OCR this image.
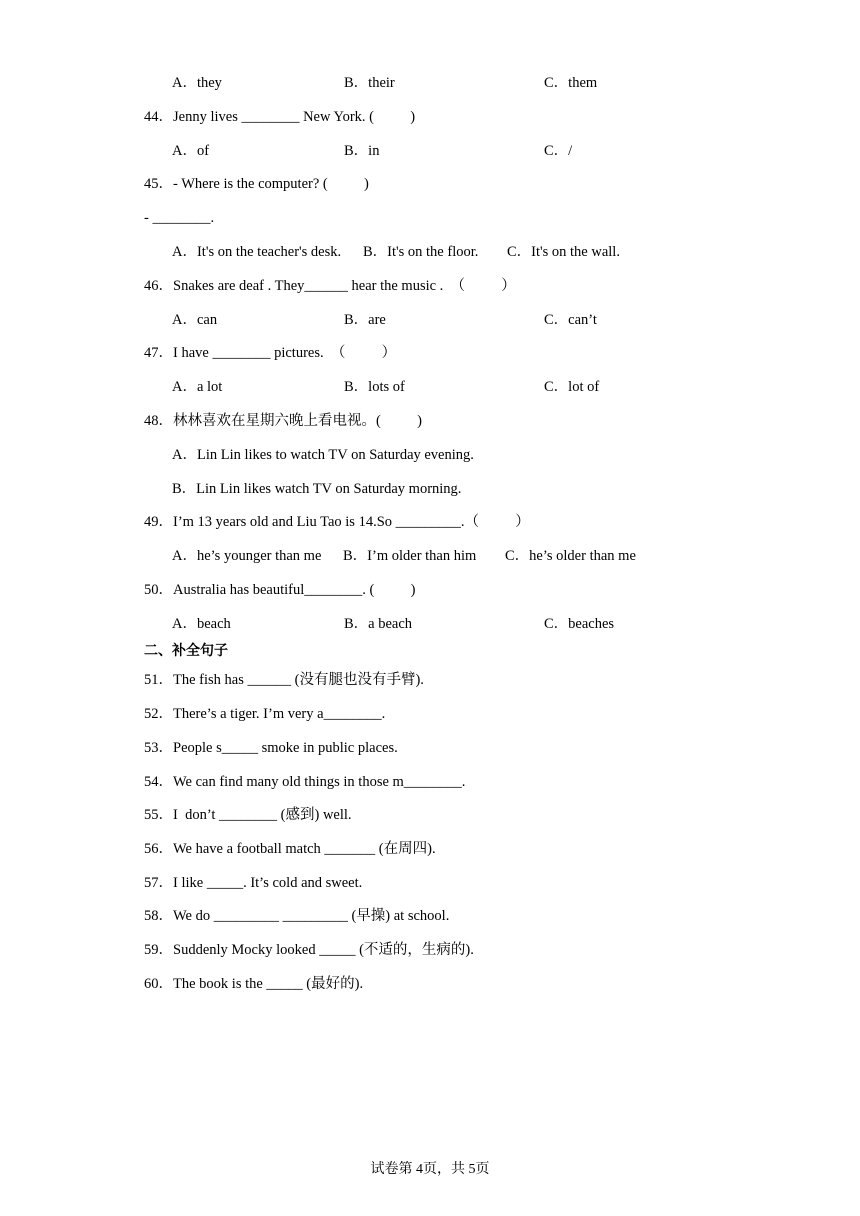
A．they	B．their	C．them
44．Jenny lives ________ New York. (          )
A．of	B．in	C．/
45．- Where is the computer? (          )
- ________.
A．It's on the teacher's desk. B．It's on the floor. C．It's on the wall.
46．Snakes are deaf . They______ hear the music .  （          ）
A．can	B．are	C．can’t
47．I have ________ pictures.  （          ）
A．a lot	B．lots of	C．lot of
48．林林喜欢在星期六晚上看电视。(          )
A．Lin Lin likes to watch TV on Saturday evening.
B．Lin Lin likes watch TV on Saturday morning.
49．I’m 13 years old and Liu Tao is 14.So _________.（          ）
A．he’s younger than me B．I’m older than him C．he’s older than me
50．Australia has beautiful________. (          )
A．beach	B．a beach	C．beaches
二、补全句子
51．The fish has ______ (没有腿也没有手臂).
52．There’s a tiger. I’m very a________.
53．People s_____ smoke in public places.
54．We can find many old things in those m________.
55．I  don’t ________ (感到) well.
56．We have a football match _______ (在周四).
57．I like _____. It’s cold and sweet.
58．We do _________ _________ (早操) at school.
59．Suddenly Mocky looked _____ (不适的，生病的).
60．The book is the _____ (最好的).
试卷第 4页，共 5页
